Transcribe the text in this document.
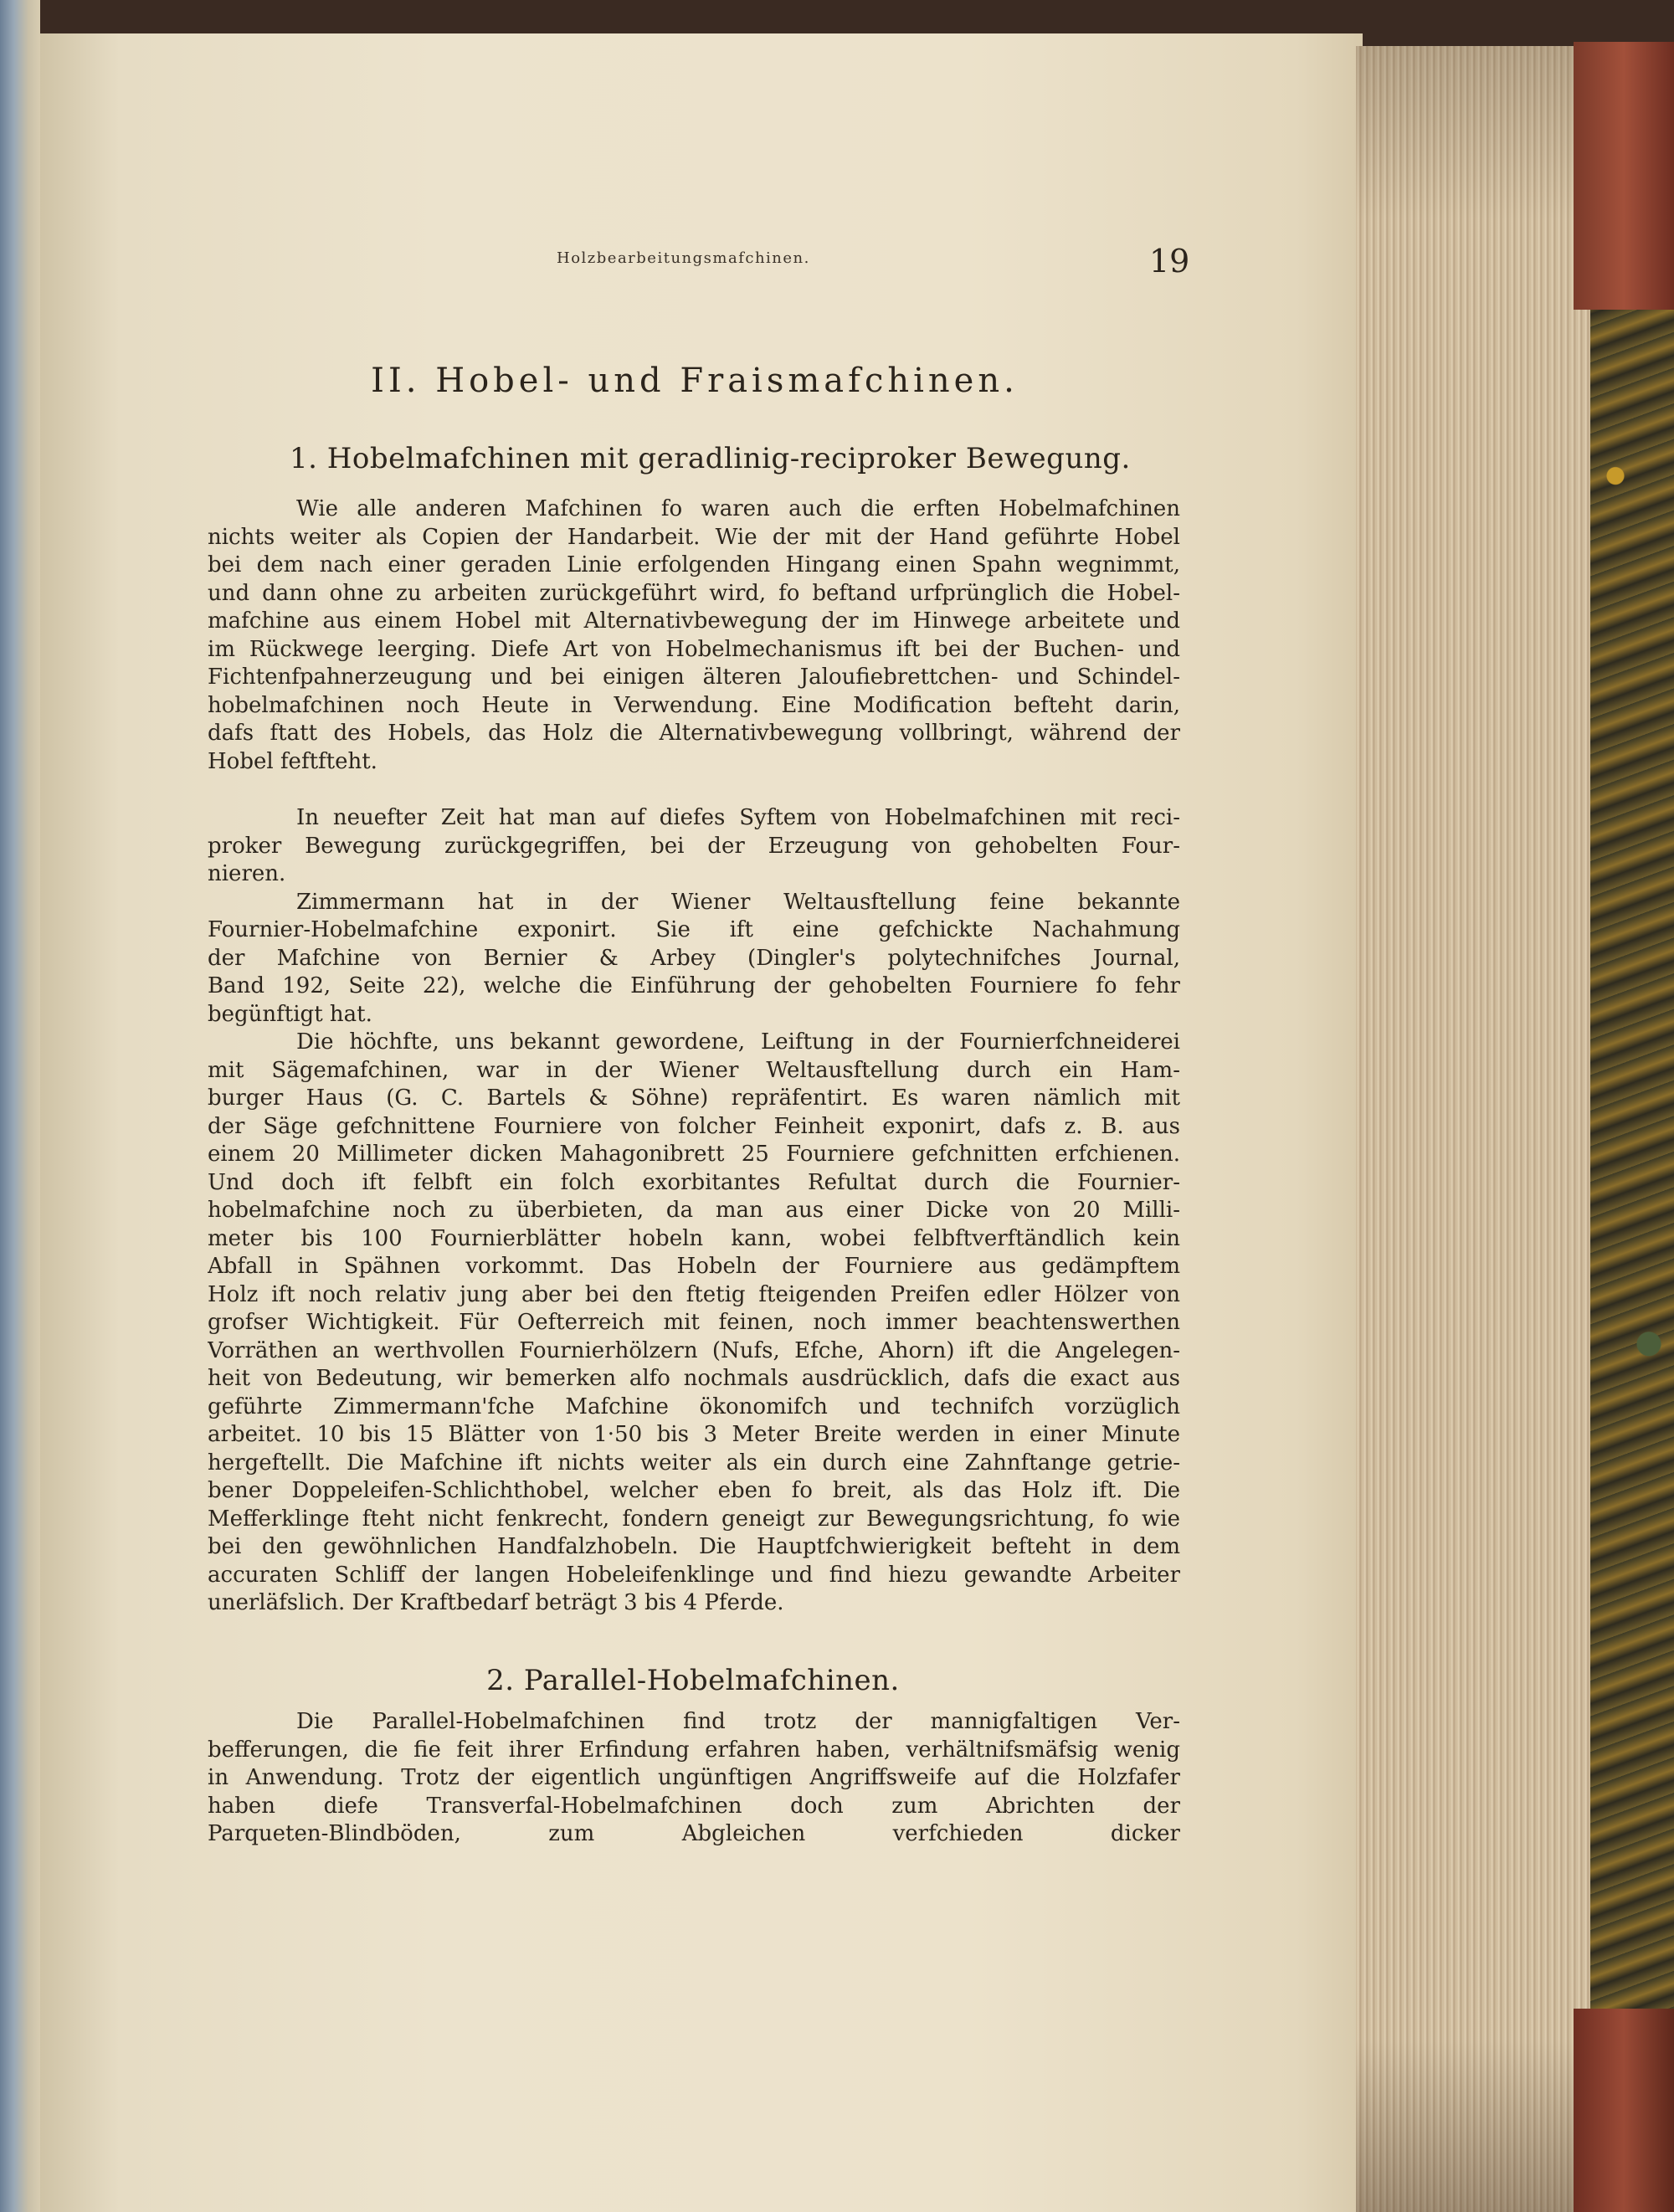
Holzbearbeitungsmafchinen.	19
II. Hobel- und Fraismafchinen.
1. Hobelmafchinen mit geradlinig-reciproker Bewegung.
Wie alle anderen Mafchinen fo waren auch die erften Hobelmafchinen
nichts weiter als Copien der Handarbeit. Wie der mit der Hand geführte Hobel
bei dem nach einer geraden Linie erfolgenden Hingang einen Spahn wegnimmt,
und dann ohne zu arbeiten zurückgeführt wird, fo beftand urfprünglich die Hobel-
mafchine aus einem Hobel mit Alternativbewegung der im Hinwege arbeitete und
im Rückwege leerging. Diefe Art von Hobelmechanismus ift bei der Buchen- und
Fichtenfpahnerzeugung und bei einigen älteren Jaloufiebrettchen- und Schindel-
hobelmafchinen noch Heute in Verwendung. Eine Modification befteht darin,
dafs ftatt des Hobels, das Holz die Alternativbewegung vollbringt, während der
Hobel feftfteht.
In neuefter Zeit hat man auf diefes Syftem von Hobelmafchinen mit reci-
proker Bewegung zurückgegriffen, bei der Erzeugung von gehobelten Four-
nieren.
Zimmermann hat in der Wiener Weltausftellung feine bekannte
Fournier-Hobelmafchine exponirt. Sie ift eine gefchickte Nachahmung
der Mafchine von Bernier & Arbey (Dingler's polytechnifches Journal,
Band 192, Seite 22), welche die Einführung der gehobelten Fourniere fo fehr
begünftigt hat.
Die höchfte, uns bekannt gewordene, Leiftung in der Fournierfchneiderei
mit Sägemafchinen, war in der Wiener Weltausftellung durch ein Ham-
burger Haus (G. C. Bartels & Söhne) repräfentirt. Es waren nämlich mit
der Säge gefchnittene Fourniere von folcher Feinheit exponirt, dafs z. B. aus
einem 20 Millimeter dicken Mahagonibrett 25 Fourniere gefchnitten erfchienen.
Und doch ift felbft ein folch exorbitantes Refultat durch die Fournier-
hobelmafchine noch zu überbieten, da man aus einer Dicke von 20 Milli-
meter bis 100 Fournierblätter hobeln kann, wobei felbftverftändlich kein
Abfall in Spähnen vorkommt. Das Hobeln der Fourniere aus gedämpftem
Holz ift noch relativ jung aber bei den ftetig fteigenden Preifen edler Hölzer von
grofser Wichtigkeit. Für Oefterreich mit feinen, noch immer beachtenswerthen
Vorräthen an werthvollen Fournierhölzern (Nufs, Efche, Ahorn) ift die Angelegen-
heit von Bedeutung, wir bemerken alfo nochmals ausdrücklich, dafs die exact aus
geführte Zimmermann'fche Mafchine ökonomifch und technifch vorzüglich
arbeitet. 10 bis 15 Blätter von 1·50 bis 3 Meter Breite werden in einer Minute
hergeftellt. Die Mafchine ift nichts weiter als ein durch eine Zahnftange getrie-
bener Doppeleifen-Schlichthobel, welcher eben fo breit, als das Holz ift. Die
Mefferklinge fteht nicht fenkrecht, fondern geneigt zur Bewegungsrichtung, fo wie
bei den gewöhnlichen Handfalzhobeln. Die Hauptfchwierigkeit befteht in dem
accuraten Schliff der langen Hobeleifenklinge und find hiezu gewandte Arbeiter
unerläfslich. Der Kraftbedarf beträgt 3 bis 4 Pferde.
2. Parallel-Hobelmafchinen.
Die Parallel-Hobelmafchinen find trotz der mannigfaltigen Ver-
befferungen, die fie feit ihrer Erfindung erfahren haben, verhältnifsmäfsig wenig
in Anwendung. Trotz der eigentlich ungünftigen Angriffsweife auf die Holzfafer
haben diefe Transverfal-Hobelmafchinen doch zum Abrichten der
Parqueten-Blindböden, zum Abgleichen verfchieden dicker
